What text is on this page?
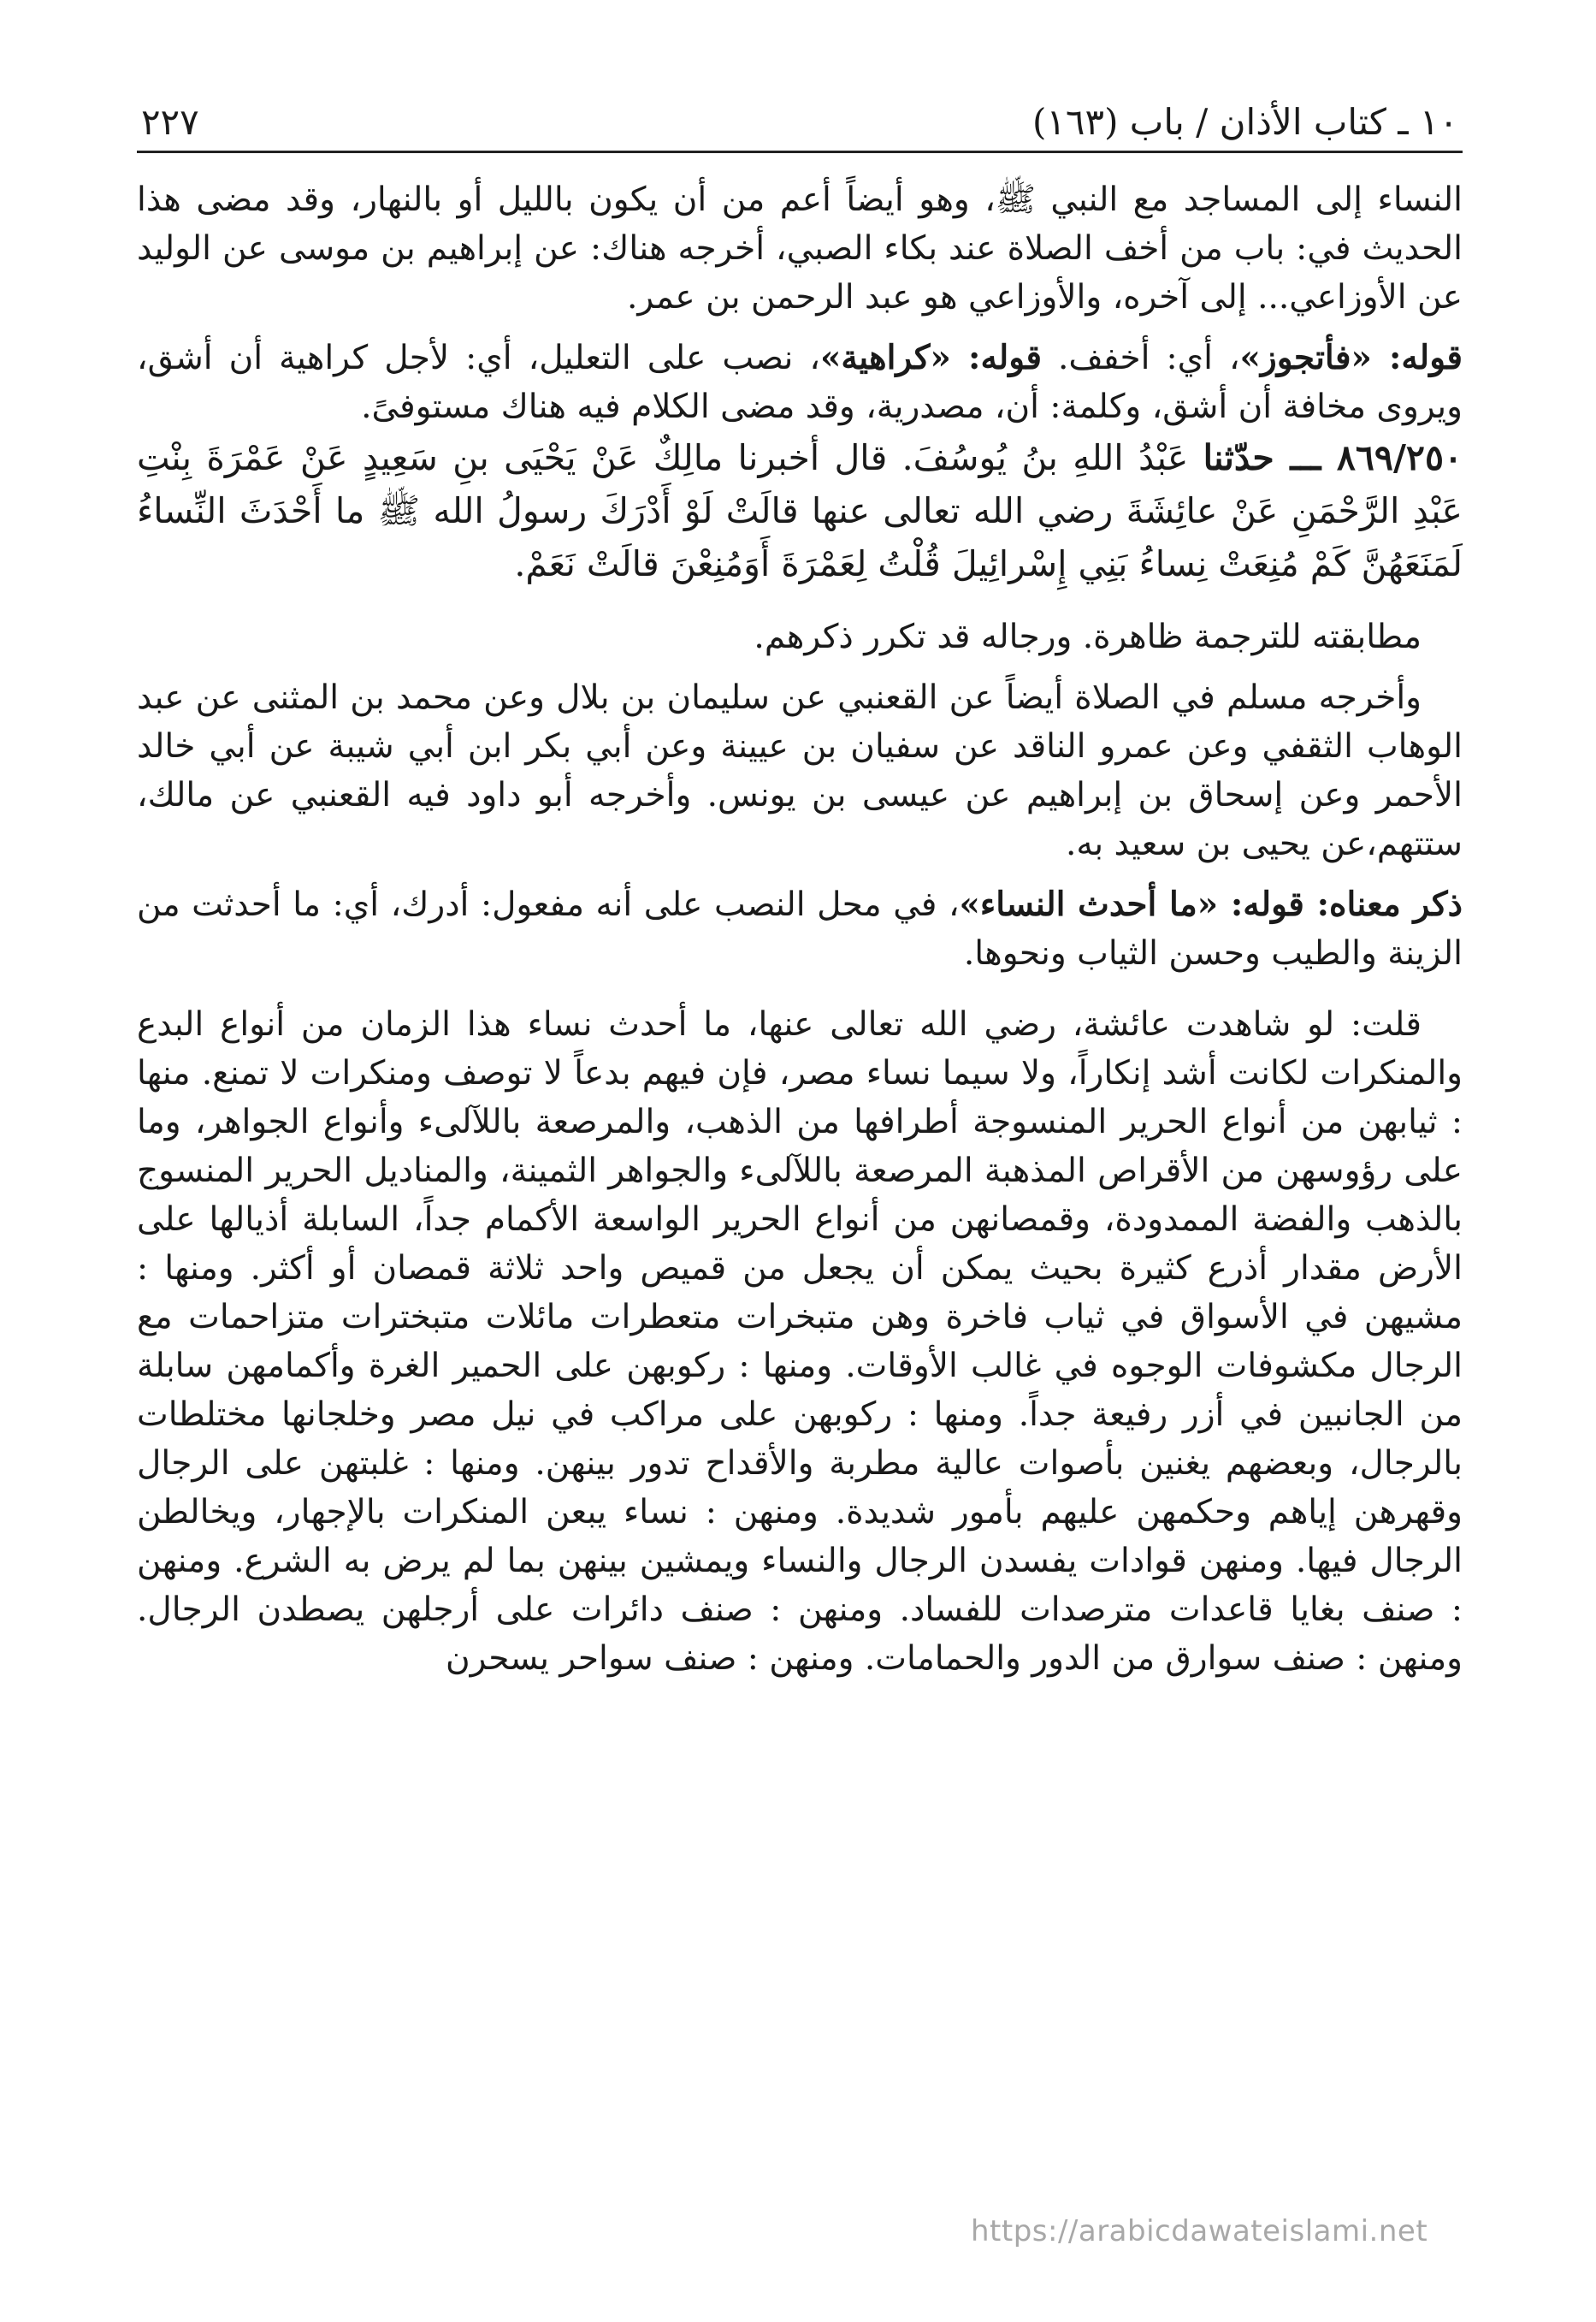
١٠ ـ كتاب الأذان / باب (١٦٣)
٢٢٧

النساء إلى المساجد مع النبي ﷺ، وهو أيضاً أعم من أن يكون بالليل أو بالنهار، وقد مضى هذا الحديث في: باب من أخف الصلاة عند بكاء الصبي، أخرجه هناك: عن إبراهيم بن موسى عن الوليد عن الأوزاعي... إلى آخره، والأوزاعي هو عبد الرحمن بن عمر.

قوله: «فأتجوز»، أي: أخفف. قوله: «كراهية»، نصب على التعليل، أي: لأجل كراهية أن أشق، ويروى مخافة أن أشق، وكلمة: أن، مصدرية، وقد مضى الكلام فيه هناك مستوفىً.

٨٦٩/٢٥٠ ـــ حدّثنا عَبْدُ اللهِ بنُ يُوسُفَ. قال أخبرنا مالِكٌ عَنْ يَحْيَى بنِ سَعِيدٍ عَنْ عَمْرَةَ بِنْتِ عَبْدِ الرَّحْمَنِ عَنْ عائِشَةَ رضي الله تعالى عنها قالَتْ لَوْ أَدْرَكَ رسولُ الله ﷺ ما أَحْدَثَ النِّساءُ لَمَنَعَهُنَّ كَمْ مُنِعَتْ نِساءُ بَنِي إِسْرائِيلَ قُلْتُ لِعَمْرَةَ أَوَمُنِعْنَ قالَتْ نَعَمْ.

مطابقته للترجمة ظاهرة. ورجاله قد تكرر ذكرهم.

وأخرجه مسلم في الصلاة أيضاً عن القعنبي عن سليمان بن بلال وعن محمد بن المثنى عن عبد الوهاب الثقفي وعن عمرو الناقد عن سفيان بن عيينة وعن أبي بكر ابن أبي شيبة عن أبي خالد الأحمر وعن إسحاق بن إبراهيم عن عيسى بن يونس. وأخرجه أبو داود فيه القعنبي عن مالك، ستتهم،عن يحيى بن سعيد به.

ذكر معناه: قوله: «ما أحدث النساء»، في محل النصب على أنه مفعول: أدرك، أي: ما أحدثت من الزينة والطيب وحسن الثياب ونحوها.

قلت: لو شاهدت عائشة، رضي الله تعالى عنها، ما أحدث نساء هذا الزمان من أنواع البدع والمنكرات لكانت أشد إنكاراً، ولا سيما نساء مصر، فإن فيهم بدعاً لا توصف ومنكرات لا تمنع. منها : ثيابهن من أنواع الحرير المنسوجة أطرافها من الذهب، والمرصعة باللآلىء وأنواع الجواهر، وما على رؤوسهن من الأقراص المذهبة المرصعة باللآلىء والجواهر الثمينة، والمناديل الحرير المنسوج بالذهب والفضة الممدودة، وقمصانهن من أنواع الحرير الواسعة الأكمام جداً، السابلة أذيالها على الأرض مقدار أذرع كثيرة بحيث يمكن أن يجعل من قميص واحد ثلاثة قمصان أو أكثر. ومنها : مشيهن في الأسواق في ثياب فاخرة وهن متبخرات متعطرات مائلات متبخترات متزاحمات مع الرجال مكشوفات الوجوه في غالب الأوقات. ومنها : ركوبهن على الحمير الغرة وأكمامهن سابلة من الجانبين في أزر رفيعة جداً. ومنها : ركوبهن على مراكب في نيل مصر وخلجانها مختلطات بالرجال، وبعضهم يغنين بأصوات عالية مطربة والأقداح تدور بينهن. ومنها : غلبتهن على الرجال وقهرهن إياهم وحكمهن عليهم بأمور شديدة. ومنهن : نساء يبعن المنكرات بالإجهار، ويخالطن الرجال فيها. ومنهن قوادات يفسدن الرجال والنساء ويمشين بينهن بما لم يرض به الشرع. ومنهن : صنف بغايا قاعدات مترصدات للفساد. ومنهن : صنف دائرات على أرجلهن يصطدن الرجال. ومنهن : صنف سوارق من الدور والحمامات. ومنهن : صنف سواحر يسحرن

https://arabicdawateislami.net
